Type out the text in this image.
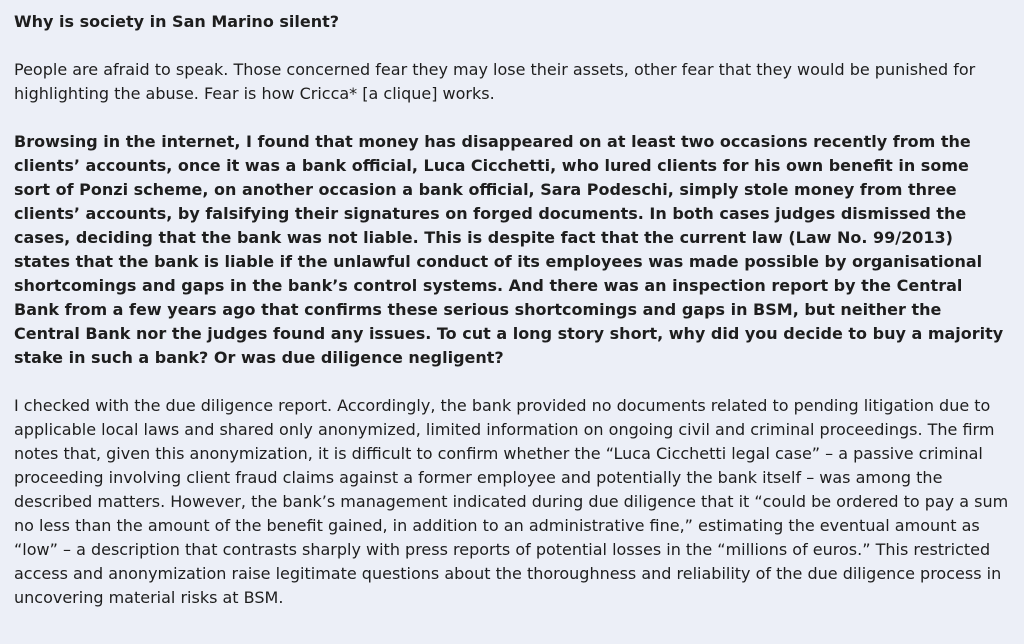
Why is society in San Marino silent?

People are afraid to speak. Those concerned fear they may lose their assets, other fear that they would be punished for highlighting the abuse. Fear is how Cricca* [a clique] works.

Browsing in the internet, I found that money has disappeared on at least two occasions recently from the clients’ accounts, once it was a bank official, Luca Cicchetti, who lured clients for his own benefit in some sort of Ponzi scheme, on another occasion a bank official, Sara Podeschi, simply stole money from three clients’ accounts, by falsifying their signatures on forged documents. In both cases judges dismissed the cases, deciding that the bank was not liable. This is despite fact that the current law (Law No. 99/2013) states that the bank is liable if the unlawful conduct of its employees was made possible by organisational shortcomings and gaps in the bank’s control systems. And there was an inspection report by the Central Bank from a few years ago that confirms these serious shortcomings and gaps in BSM, but neither the Central Bank nor the judges found any issues. To cut a long story short, why did you decide to buy a majority stake in such a bank? Or was due diligence negligent?

I checked with the due diligence report. Accordingly, the bank provided no documents related to pending litigation due to applicable local laws and shared only anonymized, limited information on ongoing civil and criminal proceedings. The firm notes that, given this anonymization, it is difficult to confirm whether the “Luca Cicchetti legal case” – a passive criminal proceeding involving client fraud claims against a former employee and potentially the bank itself – was among the described matters. However, the bank’s management indicated during due diligence that it “could be ordered to pay a sum no less than the amount of the benefit gained, in addition to an administrative fine,” estimating the eventual amount as “low” – a description that contrasts sharply with press reports of potential losses in the “millions of euros.” This restricted access and anonymization raise legitimate questions about the thoroughness and reliability of the due diligence process in uncovering material risks at BSM.
